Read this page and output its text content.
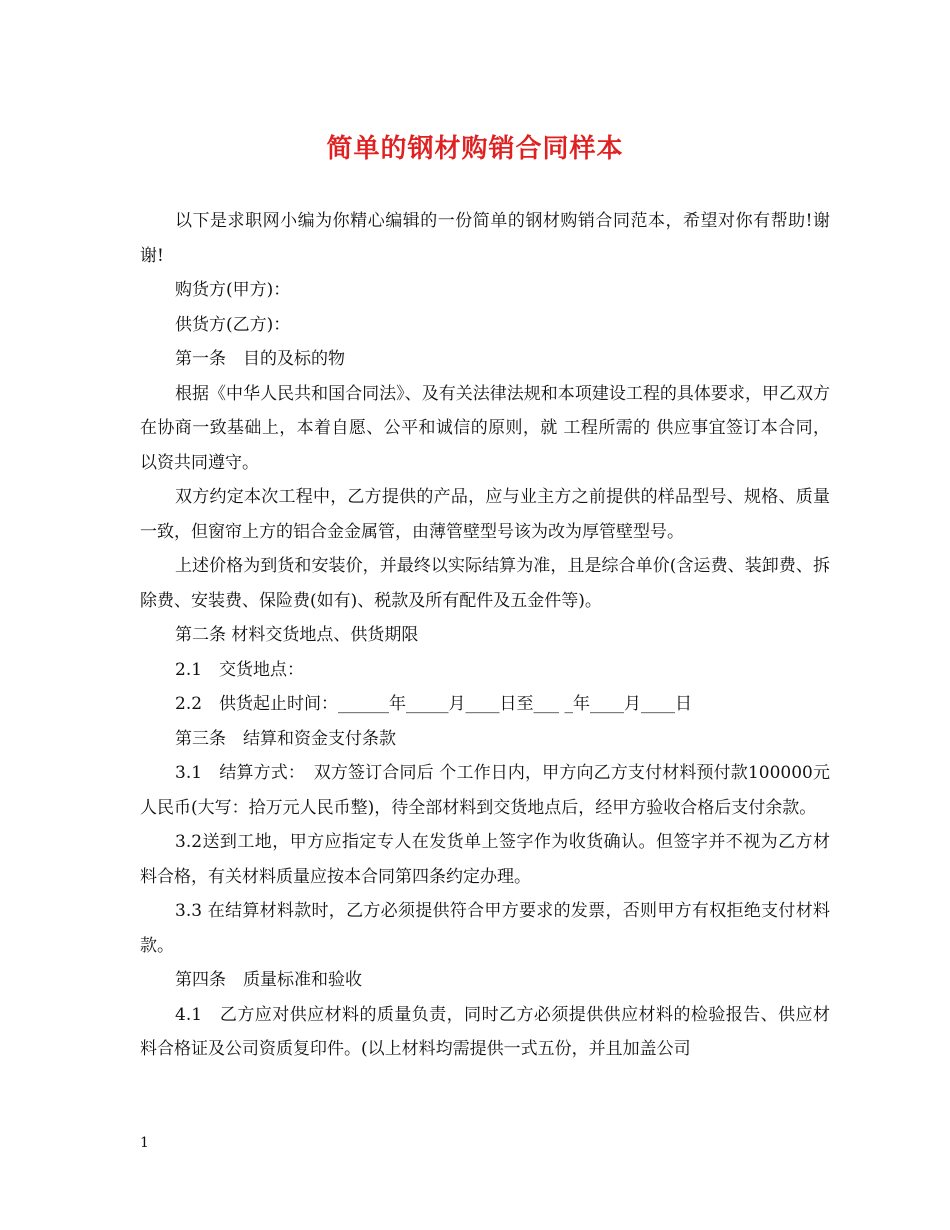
简单的钢材购销合同样本

以下是求职网小编为你精心编辑的一份简单的钢材购销合同范本，希望对你有帮助!谢谢!

购货方(甲方)：

供货方(乙方)：

第一条　目的及标的物

根据《中华人民共和国合同法》、及有关法律法规和本项建设工程的具体要求，甲乙双方在协商一致基础上，本着自愿、公平和诚信的原则，就 工程所需的 供应事宜签订本合同，以资共同遵守。

双方约定本次工程中，乙方提供的产品，应与业主方之前提供的样品型号、规格、质量一致，但窗帘上方的铝合金金属管，由薄管壁型号该为改为厚管壁型号。

上述价格为到货和安装价，并最终以实际结算为准，且是综合单价(含运费、装卸费、拆除费、安装费、保险费(如有)、税款及所有配件及五金件等)。

第二条 材料交货地点、供货期限

2.1　交货地点：

2.2　供货起止时间：______年_____月____日至___ _年____月____日

第三条　结算和资金支付条款

3.1　结算方式：　双方签订合同后 个工作日内，甲方向乙方支付材料预付款100000元人民币(大写：拾万元人民币整)，待全部材料到交货地点后，经甲方验收合格后支付余款。

3.2送到工地，甲方应指定专人在发货单上签字作为收货确认。但签字并不视为乙方材料合格，有关材料质量应按本合同第四条约定办理。

3.3 在结算材料款时，乙方必须提供符合甲方要求的发票，否则甲方有权拒绝支付材料款。

第四条　质量标准和验收

4.1　乙方应对供应材料的质量负责，同时乙方必须提供供应材料的检验报告、供应材料合格证及公司资质复印件。(以上材料均需提供一式五份，并且加盖公司

1
